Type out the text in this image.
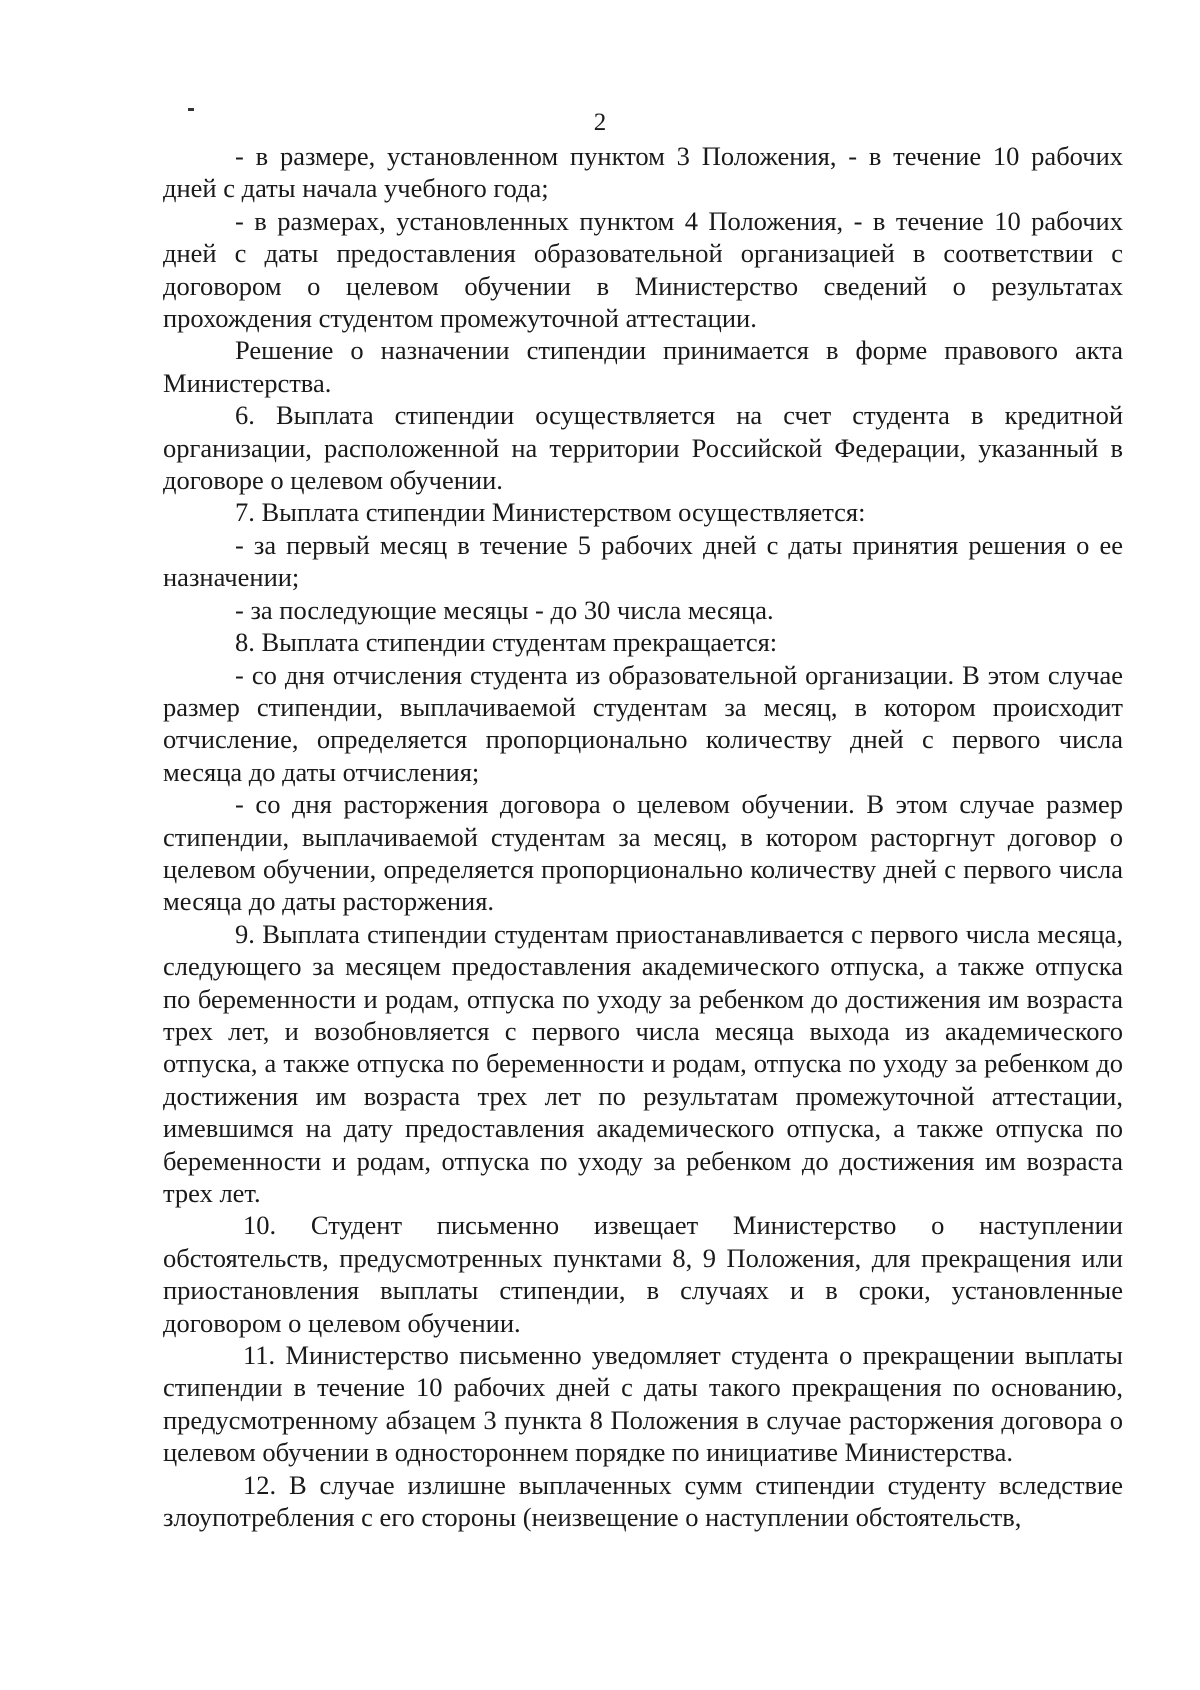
2

- в размере, установленном пунктом 3 Положения, - в течение 10 рабочих дней с даты начала учебного года;

- в размерах, установленных пунктом 4 Положения, - в течение 10 рабочих дней с даты предоставления образовательной организацией в соответствии с договором о целевом обучении в Министерство сведений о результатах прохождения студентом промежуточной аттестации.

Решение о назначении стипендии принимается в форме правового акта Министерства.

6. Выплата стипендии осуществляется на счет студента в кредитной организации, расположенной на территории Российской Федерации, указанный в договоре о целевом обучении.

7. Выплата стипендии Министерством осуществляется:

- за первый месяц в течение 5 рабочих дней с даты принятия решения о ее назначении;

- за последующие месяцы - до 30 числа месяца.

8. Выплата стипендии студентам прекращается:

- со дня отчисления студента из образовательной организации. В этом случае размер стипендии, выплачиваемой студентам за месяц, в котором происходит отчисление, определяется пропорционально количеству дней с первого числа месяца до даты отчисления;

- со дня расторжения договора о целевом обучении. В этом случае размер стипендии, выплачиваемой студентам за месяц, в котором расторгнут договор о целевом обучении, определяется пропорционально количеству дней с первого числа месяца до даты расторжения.

9. Выплата стипендии студентам приостанавливается с первого числа месяца, следующего за месяцем предоставления академического отпуска, а также отпуска по беременности и родам, отпуска по уходу за ребенком до достижения им возраста трех лет, и возобновляется с первого числа месяца выхода из академического отпуска, а также отпуска по беременности и родам, отпуска по уходу за ребенком до достижения им возраста трех лет по результатам промежуточной аттестации, имевшимся на дату предоставления академического отпуска, а также отпуска по беременности и родам, отпуска по уходу за ребенком до достижения им возраста трех лет.

10. Студент письменно извещает Министерство о наступлении обстоятельств, предусмотренных пунктами 8, 9 Положения, для прекращения или приостановления выплаты стипендии, в случаях и в сроки, установленные договором о целевом обучении.

11. Министерство письменно уведомляет студента о прекращении выплаты стипендии в течение 10 рабочих дней с даты такого прекращения по основанию, предусмотренному абзацем 3 пункта 8 Положения в случае расторжения договора о целевом обучении в одностороннем порядке по инициативе Министерства.

12. В случае излишне выплаченных сумм стипендии студенту вследствие злоупотребления с его стороны (неизвещение о наступлении обстоятельств,
